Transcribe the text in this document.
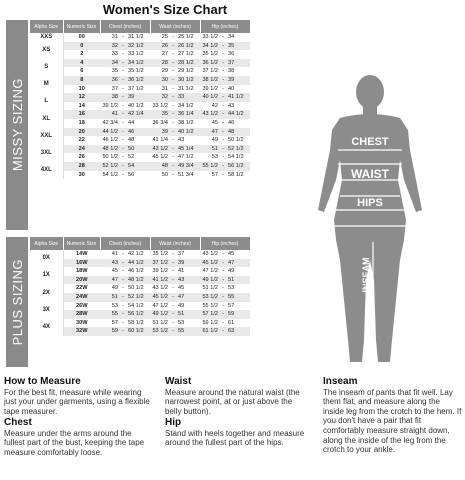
Women's Size Chart
MISSY SIZING
PLUS SIZING
Alpha Size	Numeric Size	Chest (inches)			Waist (inches)			Hip (inches)		
XXS	00	31	-	31 1/2	25	-	25 1/2	33 1/2	-	34
XS	0	32	-	32 1/2	26	-	26 1/2	34 1/2	-	35
	2	33	-	33 1/2	27	-	27 1/2	35 1/2	-	36
S	4	34	-	34 1/2	28	-	28 1/2	36 1/2	-	37
	6	35	-	35 1/2	29	-	29 1/2	37 1/2	-	38
M	8	36	-	36 1/2	30	-	30 1/2	38 1/2	-	39
	10	37	-	37 1/2	31	-	31 1/2	39 1/2	-	40
L	12	38	-	39	32	-	33	40 1/2	-	41 1/2
	14	39 1/2	-	40 1/2	33 1/2	-	34 1/2	42	-	43
XL	16	41	-	42 1/4	35	-	36 1/4	43 1/2	-	44 1/2
	18	42 3/4	-	44	36 3/4	-	38 1/2	45	-	46
XXL	20	44 1/2	-	46	39	-	40 1/2	47	-	48
	22	46 1/2	-	48	41 1/4	-	43	49	-	50 1/2
3XL	24	48 1/2	-	50	43 1/2	-	45 1/4	51	-	52 1/2
	26	50 1/2	-	52	45 1/2	-	47 1/2	53	-	54 1/2
4XL	28	52 1/2	-	54	48	-	49 3/4	55 1/2	-	56 1/2
	30	54 1/2	-	56	50	-	51 3/4	57	-	58 1/2
Alpha Size	Numeric Size	Chest (inches)			Waist (inches)			Hip (inches)		
0X	14W	41	-	42 1/2	35 1/2	-	37	43 1/2	-	45
	16W	43	-	44 1/2	37 1/2	-	39	45 1/2	-	47
1X	18W	45	-	46 1/2	39 1/2	-	41	47 1/2	-	49
	20W	47	-	48 1/2	41 1/2	-	43	49 1/2	-	51
2X	22W	49	-	50 1/2	43 1/2	-	45	51 1/2	-	53
	24W	51	-	52 1/2	45 1/2	-	47	53 1/2	-	55
3X	26W	53	-	54 1/2	47 1/2	-	49	55 1/2	-	57
	28W	55	-	56 1/2	49 1/2	-	51	57 1/2	-	59
4X	30W	57	-	58 1/2	51 1/2	-	53	59 1/2	-	61
	32W	59	-	60 1/2	53 1/2	-	55	61 1/2	-	63
CHEST
WAIST
HIPS
INSEAM
How to Measure

For the best fit, measure while wearing just your under garments, using a flexible tape measurer.

Chest

Measure under the arms around the fullest part of the bust, keeping the tape measure comfortably loose.

Waist

Measure around the natural waist (the narrowest point, at or just above the belly button).

Hip

Stand with heels together and measure around the fullest part of the hips.

Inseam

The inseam of pants that fit well. Lay them flat, and measure along the inside leg from the crotch to the hem. If you don't have a pair that fit comfortably measure straight down, along the inside of the leg from the crotch to your ankle.
